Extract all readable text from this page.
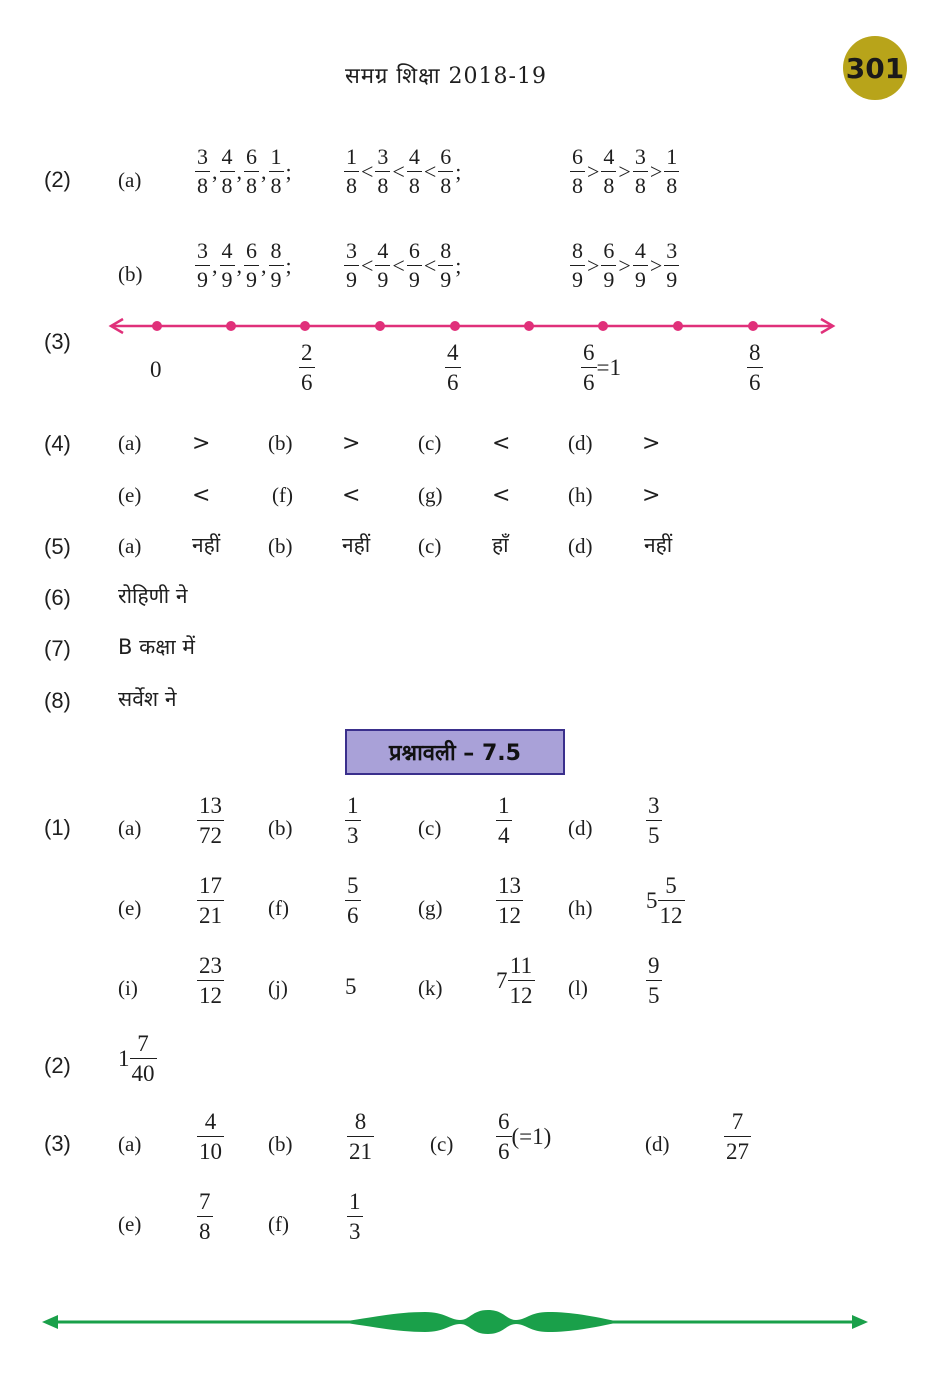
समग्र शिक्षा 2018-19	301
(2) $(a) \frac{3}{8}$ , $\frac{4}{8}$ , $\frac{6}{8}$ , $\frac{1}{8}$ ; $\frac{1}{8} < \frac{3}{8} < \frac{4}{8} < \frac{6}{8}$ ;	$\frac{6}{8} > \frac{4}{8} > \frac{3}{8} > \frac{1}{8}$
$(b) \frac{3}{9}$ , $\frac{4}{9}$ , $\frac{6}{9}$ , $\frac{8}{9}$ ; $\frac{3}{9} < \frac{4}{9} < \frac{6}{9} < \frac{8}{9}$ ;	$\frac{8}{9} > \frac{6}{9} > \frac{4}{9} > \frac{3}{9}$
(3)
0	$\frac{2}{6}$	$\frac{4}{6}$	$\frac{6}{6} =1$	$\frac{8}{6}$
(4) (a) >	(b) >	(c) <	(d) >
(e) <	(f) <	(g) <	(h) >
(5) (a) नहीं (b) नहीं (c) हाँ	(d) नहीं
(6) रोहिणी ने
(7) B कक्षा में
(8) सर्वेश ने
प्रश्नावली – 7.5
(1) $(a) \frac{13}{72} (b) \frac{1}{3}$	$(c) \frac{1}{4}$	$(d) \frac{3}{5}$
$(e) \frac{17}{21} (f) \frac{5}{6}$	$(g) \frac{13}{12} (h)$ $5 \frac{5}{12}$
(i)	$\frac{23}{12} (j)$ 5	(k) $7 \frac{11}{12} (l)$	$\frac{9}{5}$
(2) $1 \frac{7}{40}$
(3) $(a) \frac{4}{10} (b) \frac{8}{21}$	$(c) \frac{6}{6} (=1)$	$(d) \frac{7}{27}$
$(e) \frac{7}{8}$	(f)	$\frac{1}{3}$
